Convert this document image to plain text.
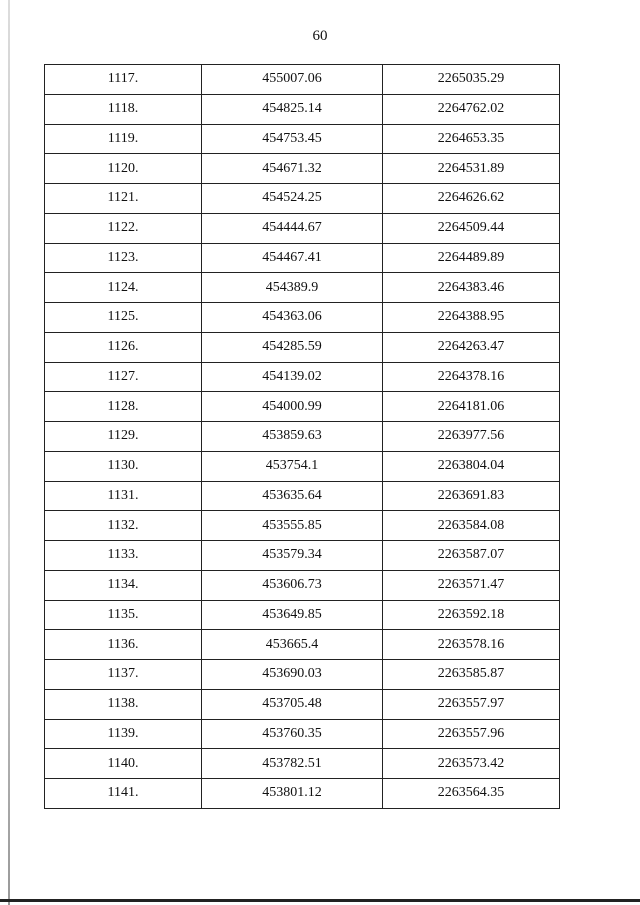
60
1117.	455007.06	2265035.29
1118.	454825.14	2264762.02
1119.	454753.45	2264653.35
1120.	454671.32	2264531.89
1121.	454524.25	2264626.62
1122.	454444.67	2264509.44
1123.	454467.41	2264489.89
1124.	454389.9	2264383.46
1125.	454363.06	2264388.95
1126.	454285.59	2264263.47
1127.	454139.02	2264378.16
1128.	454000.99	2264181.06
1129.	453859.63	2263977.56
1130.	453754.1	2263804.04
1131.	453635.64	2263691.83
1132.	453555.85	2263584.08
1133.	453579.34	2263587.07
1134.	453606.73	2263571.47
1135.	453649.85	2263592.18
1136.	453665.4	2263578.16
1137.	453690.03	2263585.87
1138.	453705.48	2263557.97
1139.	453760.35	2263557.96
1140.	453782.51	2263573.42
1141.	453801.12	2263564.35
